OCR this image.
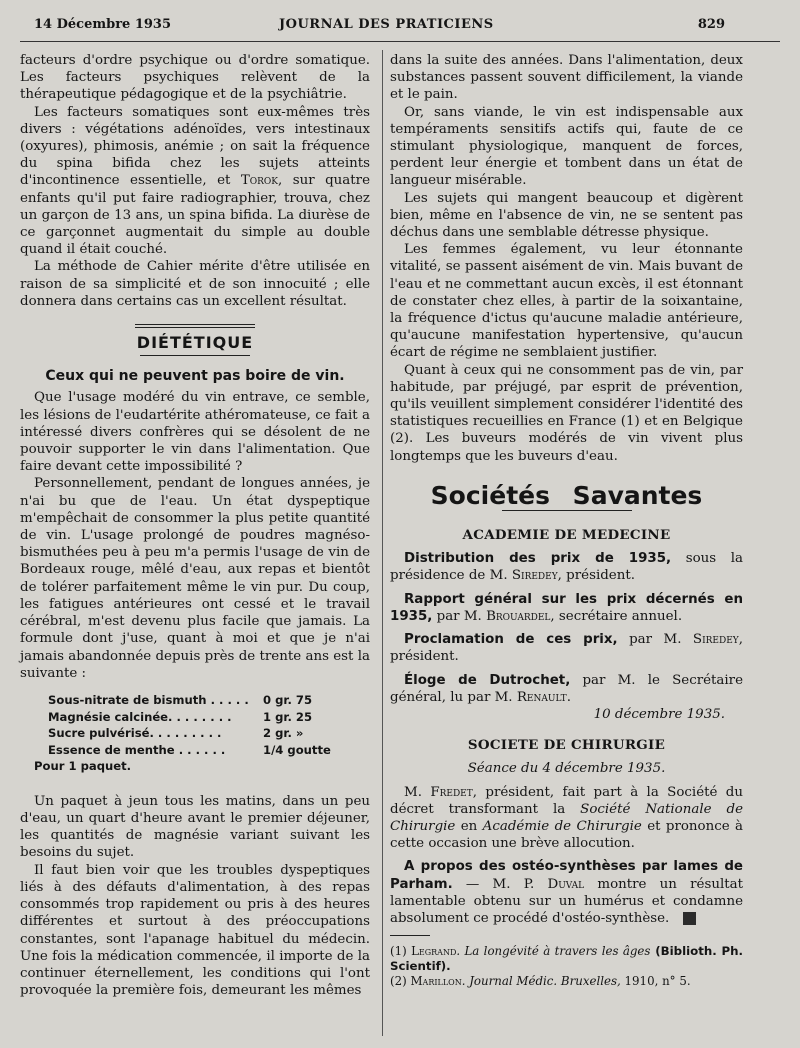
14 Décembre 1935	JOURNAL DES PRATICIENS	829

facteurs d'ordre psychique ou d'ordre somatique. Les facteurs psychiques relèvent de la thérapeutique pédagogique et de la psychiâtrie.

Les facteurs somatiques sont eux-mêmes très divers : végétations adénoïdes, vers intestinaux (oxyures), phimosis, anémie ; on sait la fréquence du spina bifida chez les sujets atteints d'incontinence essentielle, et Torok, sur quatre enfants qu'il put faire radiographier, trouva, chez un garçon de 13 ans, un spina bifida. La diurèse de ce garçonnet augmentait du simple au double quand il était couché.

La méthode de Cahier mérite d'être utilisée en raison de sa simplicité et de son innocuité ; elle donnera dans certains cas un excellent résultat.

DIÉTÉTIQUE
Ceux qui ne peuvent pas boire de vin.

Que l'usage modéré du vin entrave, ce semble, les lésions de l'eudartérite athéromateuse, ce fait a intéressé divers confrères qui se désolent de ne pouvoir supporter le vin dans l'alimentation. Que faire devant cette impossibilité ?

Personnellement, pendant de longues années, je n'ai bu que de l'eau. Un état dyspeptique m'empêchait de consommer la plus petite quantité de vin. L'usage prolongé de poudres magnéso-bismuthées peu à peu m'a permis l'usage de vin de Bordeaux rouge, mêlé d'eau, aux repas et bientôt de tolérer parfaitement même le vin pur. Du coup, les fatigues antérieures ont cessé et le travail cérébral, m'est devenu plus facile que jamais. La formule dont j'use, quant à moi et que je n'ai jamais abandonnée depuis près de trente ans est la suivante :

Sous-nitrate de bismuth . . . . .	0 gr. 75
Magnésie calcinée. . . . . . . .	1 gr. 25
Sucre pulvérisé. . . . . . . . .	2 gr. »
Essence de menthe . . . . . .	1/4 goutte
Pour 1 paquet.

Un paquet à jeun tous les matins, dans un peu d'eau, un quart d'heure avant le premier déjeuner, les quantités de magnésie variant suivant les besoins du sujet.

Il faut bien voir que les troubles dyspeptiques liés à des défauts d'alimentation, à des repas consommés trop rapidement ou pris à des heures différentes et surtout à des préoccupations constantes, sont l'apanage habituel du médecin. Une fois la médication commencée, il importe de la continuer éternellement, les conditions qui l'ont provoquée la première fois, demeurant les mêmes

dans la suite des années. Dans l'alimentation, deux substances passent souvent difficilement, la viande et le pain.

Or, sans viande, le vin est indispensable aux tempéraments sensitifs actifs qui, faute de ce stimulant physiologique, manquent de forces, perdent leur énergie et tombent dans un état de langueur misérable.

Les sujets qui mangent beaucoup et digèrent bien, même en l'absence de vin, ne se sentent pas déchus dans une semblable détresse physique.

Les femmes également, vu leur étonnante vitalité, se passent aisément de vin. Mais buvant de l'eau et ne commettant aucun excès, il est étonnant de constater chez elles, à partir de la soixantaine, la fréquence d'ictus qu'aucune maladie antérieure, qu'aucune manifestation hypertensive, qu'aucun écart de régime ne semblaient justifier.

Quant à ceux qui ne consomment pas de vin, par habitude, par préjugé, par esprit de prévention, qu'ils veuillent simplement considérer l'identité des statistiques recueillies en France (1) et en Belgique (2). Les buveurs modérés de vin vivent plus longtemps que les buveurs d'eau.

Sociétés Savantes
ACADEMIE DE MEDECINE

Distribution des prix de 1935, sous la présidence de M. Siredey, président.

Rapport général sur les prix décernés en 1935, par M. Brouardel, secrétaire annuel.

Proclamation de ces prix, par M. Siredey, président.

Éloge de Dutrochet, par M. le Secrétaire général, lu par M. Renault.

10 décembre 1935.

SOCIETE DE CHIRURGIE
Séance du 4 décembre 1935.

M. Fredet, président, fait part à la Société du décret transformant la Société Nationale de Chirurgie en Académie de Chirurgie et prononce à cette occasion une brève allocution.

A propos des ostéo-synthèses par lames de Parham. — M. P. Duval montre un résultat lamentable obtenu sur un humérus et condamne absolument ce procédé d'ostéo-synthèse.

(1) Legrand. La longévité à travers les âges (Biblioth. Ph. Scientif).

(2) Marillon. Journal Médic. Bruxelles, 1910, n° 5.
